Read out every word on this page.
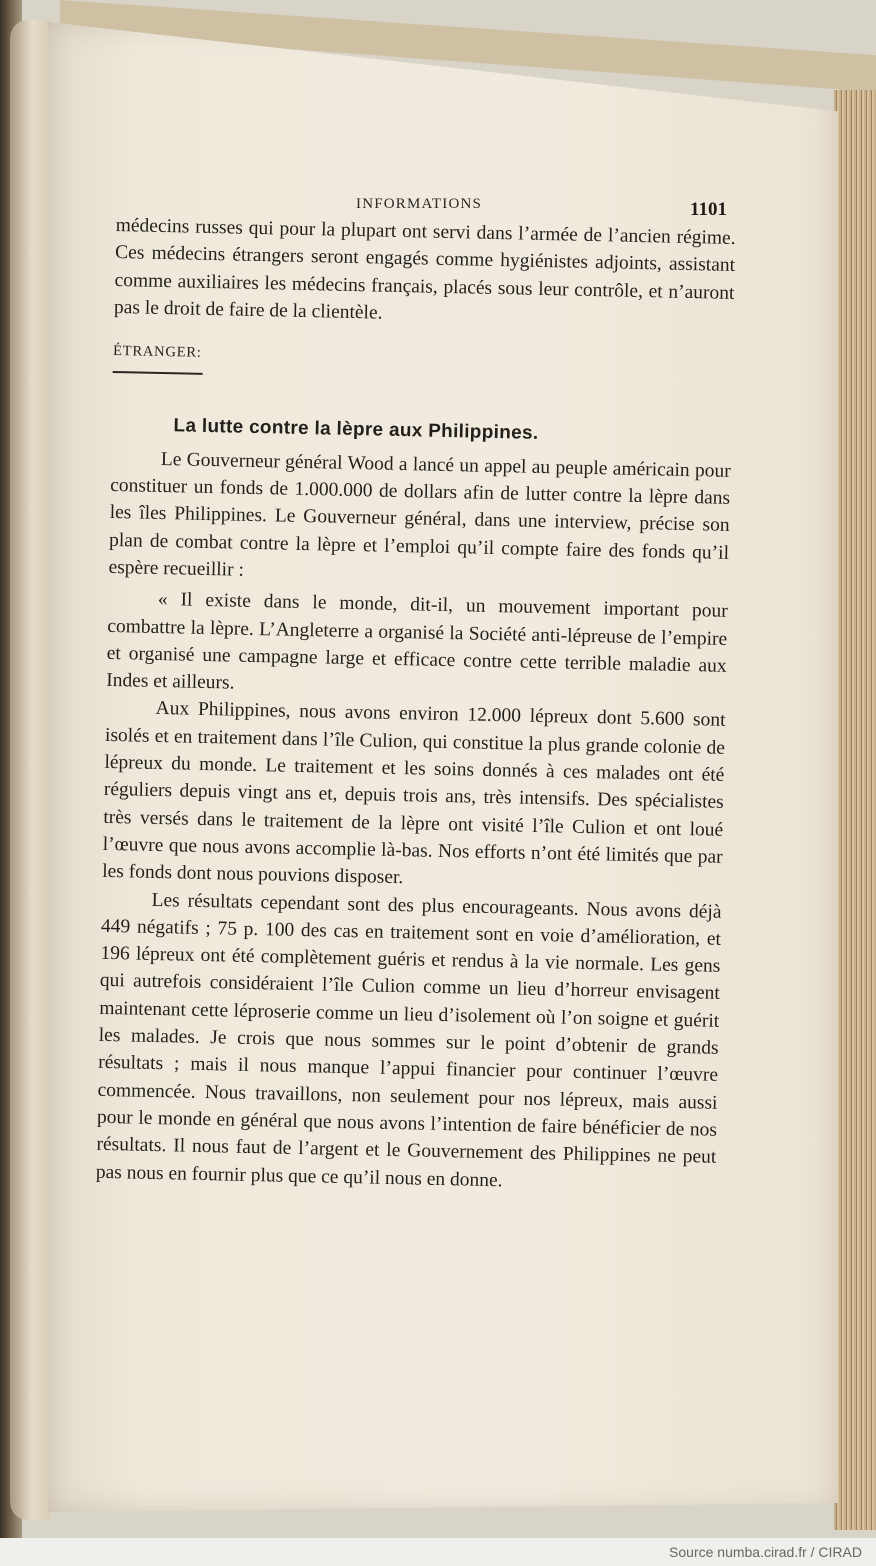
INFORMATIONS	1101

médecins russes qui pour la plupart ont servi dans l’armée de l’ancien régime. Ces médecins étrangers seront engagés comme hygiénistes adjoints, assistant comme auxiliaires les médecins français, placés sous leur contrôle, et n’auront pas le droit de faire de la clientèle.

ÉTRANGER:
La lutte contre la lèpre aux Philippines.

Le Gouverneur général Wood a lancé un appel au peuple américain pour constituer un fonds de 1.000.000 de dollars afin de lutter contre la lèpre dans les îles Philippines. Le Gouverneur général, dans une interview, précise son plan de combat contre la lèpre et l’emploi qu’il compte faire des fonds qu’il espère recueillir :

« Il existe dans le monde, dit-il, un mouvement important pour combattre la lèpre. L’Angleterre a organisé la Société anti-lépreuse de l’empire et organisé une campagne large et efficace contre cette terrible maladie aux Indes et ailleurs.

Aux Philippines, nous avons environ 12.000 lépreux dont 5.600 sont isolés et en traitement dans l’île Culion, qui constitue la plus grande colonie de lépreux du monde. Le traitement et les soins donnés à ces malades ont été réguliers depuis vingt ans et, depuis trois ans, très intensifs. Des spécialistes très versés dans le traitement de la lèpre ont visité l’île Culion et ont loué l’œuvre que nous avons accomplie là-bas. Nos efforts n’ont été limités que par les fonds dont nous pouvions disposer.

Les résultats cependant sont des plus encourageants. Nous avons déjà 449 négatifs ; 75 p. 100 des cas en traitement sont en voie d’amélioration, et 196 lépreux ont été complètement guéris et rendus à la vie normale. Les gens qui autrefois considéraient l’île Culion comme un lieu d’horreur envisagent maintenant cette léproserie comme un lieu d’isolement où l’on soigne et guérit les malades. Je crois que nous sommes sur le point d’obtenir de grands résultats ; mais il nous manque l’appui financier pour continuer l’œuvre commencée. Nous travaillons, non seulement pour nos lépreux, mais aussi pour le monde en général que nous avons l’intention de faire bénéficier de nos résultats. Il nous faut de l’argent et le Gouvernement des Philippines ne peut pas nous en fournir plus que ce qu’il nous en donne.

Source numba.cirad.fr / CIRAD
